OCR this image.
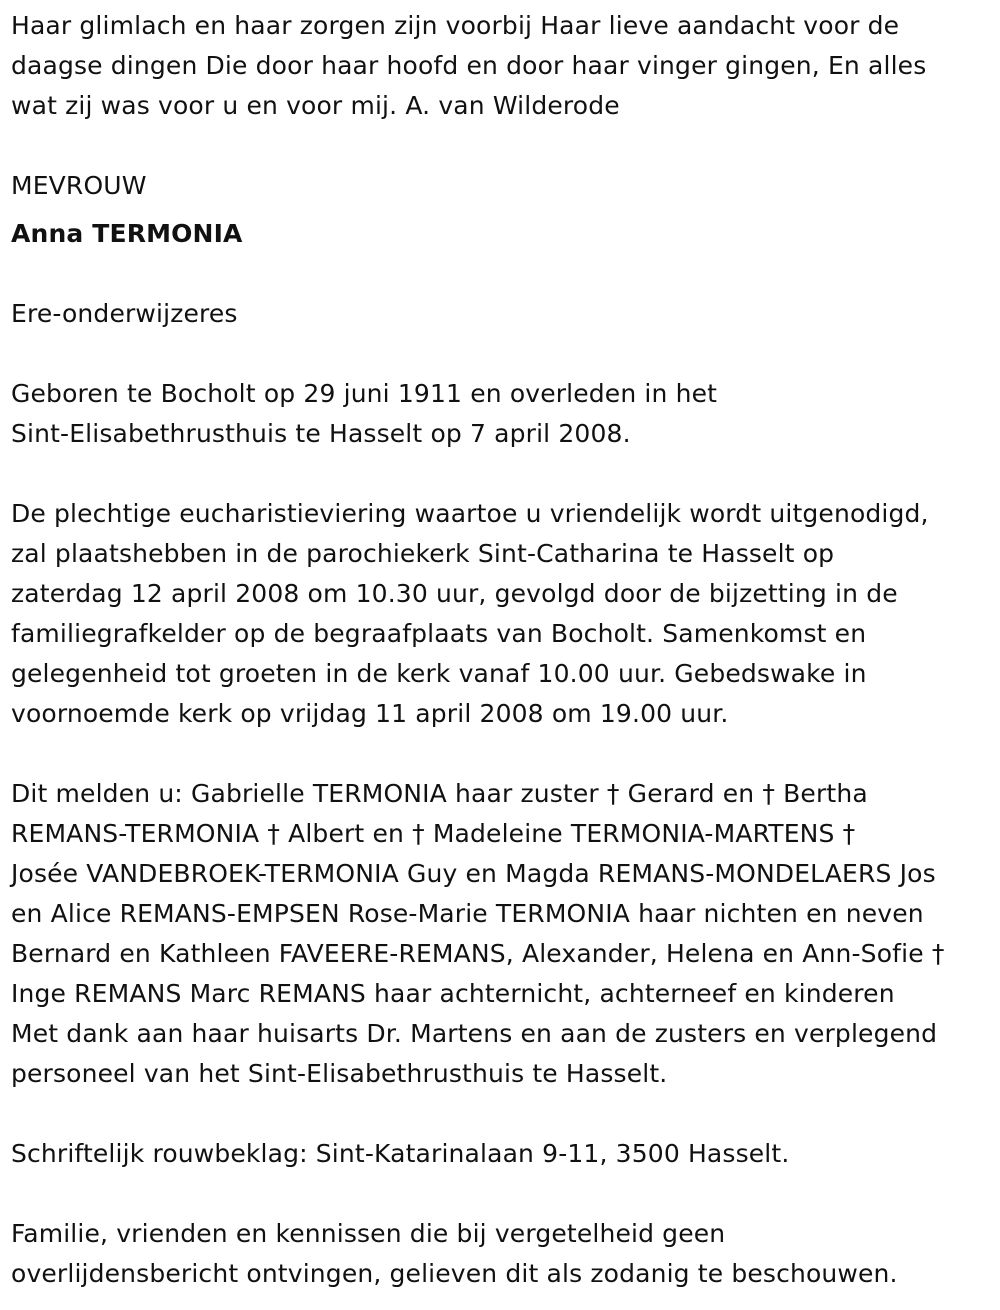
Haar glimlach en haar zorgen zijn voorbij Haar lieve aandacht voor de
daagse dingen Die door haar hoofd en door haar vinger gingen, En alles
wat zij was voor u en voor mij. A. van Wilderode
MEVROUW
Anna TERMONIA
Ere-onderwijzeres
Geboren te Bocholt op 29 juni 1911 en overleden in het
Sint-Elisabethrusthuis te Hasselt op 7 april 2008.
De plechtige eucharistieviering waartoe u vriendelijk wordt uitgenodigd,
zal plaatshebben in de parochiekerk Sint-Catharina te Hasselt op
zaterdag 12 april 2008 om 10.30 uur, gevolgd door de bijzetting in de
familiegrafkelder op de begraafplaats van Bocholt. Samenkomst en
gelegenheid tot groeten in de kerk vanaf 10.00 uur. Gebedswake in
voornoemde kerk op vrijdag 11 april 2008 om 19.00 uur.
Dit melden u: Gabrielle TERMONIA haar zuster † Gerard en † Bertha
REMANS-TERMONIA † Albert en † Madeleine TERMONIA-MARTENS †
Josée VANDEBROEK-TERMONIA Guy en Magda REMANS-MONDELAERS Jos
en Alice REMANS-EMPSEN Rose-Marie TERMONIA haar nichten en neven
Bernard en Kathleen FAVEERE-REMANS, Alexander, Helena en Ann-Sofie †
Inge REMANS Marc REMANS haar achternicht, achterneef en kinderen
Met dank aan haar huisarts Dr. Martens en aan de zusters en verplegend
personeel van het Sint-Elisabethrusthuis te Hasselt.
Schriftelijk rouwbeklag: Sint-Katarinalaan 9-11, 3500 Hasselt.
Familie, vrienden en kennissen die bij vergetelheid geen
overlijdensbericht ontvingen, gelieven dit als zodanig te beschouwen.
